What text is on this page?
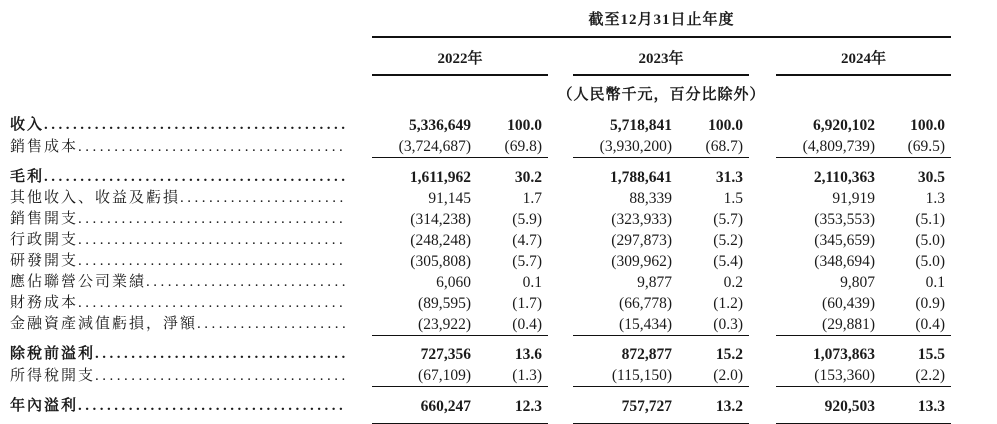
	截至12月31日止年度							
	2022年			2023年			2024年	
	（人民幣千元，百分比除外）							

收入
.....	5,336,649	100.0		5,718,841	100.0		6,920,102	100.0

銷售成本
.....	(3,724,687)	(69.8)		(3,930,200)	(68.7)		(4,809,739)	(69.5)

毛利
.....	1,611,962	30.2		1,788,641	31.3		2,110,363	30.5

其他收入、收益及虧損
.....	91,145	1.7		88,339	1.5		91,919	1.3

銷售開支
.....	(314,238)	(5.9)		(323,933)	(5.7)		(353,553)	(5.1)

行政開支
.....	(248,248)	(4.7)		(297,873)	(5.2)		(345,659)	(5.0)

研發開支
.....	(305,808)	(5.7)		(309,962)	(5.4)		(348,694)	(5.0)

應佔聯營公司業績
.....	6,060	0.1		9,877	0.2		9,807	0.1

財務成本
.....	(89,595)	(1.7)		(66,778)	(1.2)		(60,439)	(0.9)

金融資產減值虧損，淨額
.....	(23,922)	(0.4)		(15,434)	(0.3)		(29,881)	(0.4)

除稅前溢利
.....	727,356	13.6		872,877	15.2		1,073,863	15.5

所得稅開支
.....	(67,109)	(1.3)		(115,150)	(2.0)		(153,360)	(2.2)

年內溢利
.....	660,247	12.3		757,727	13.2		920,503	13.3
